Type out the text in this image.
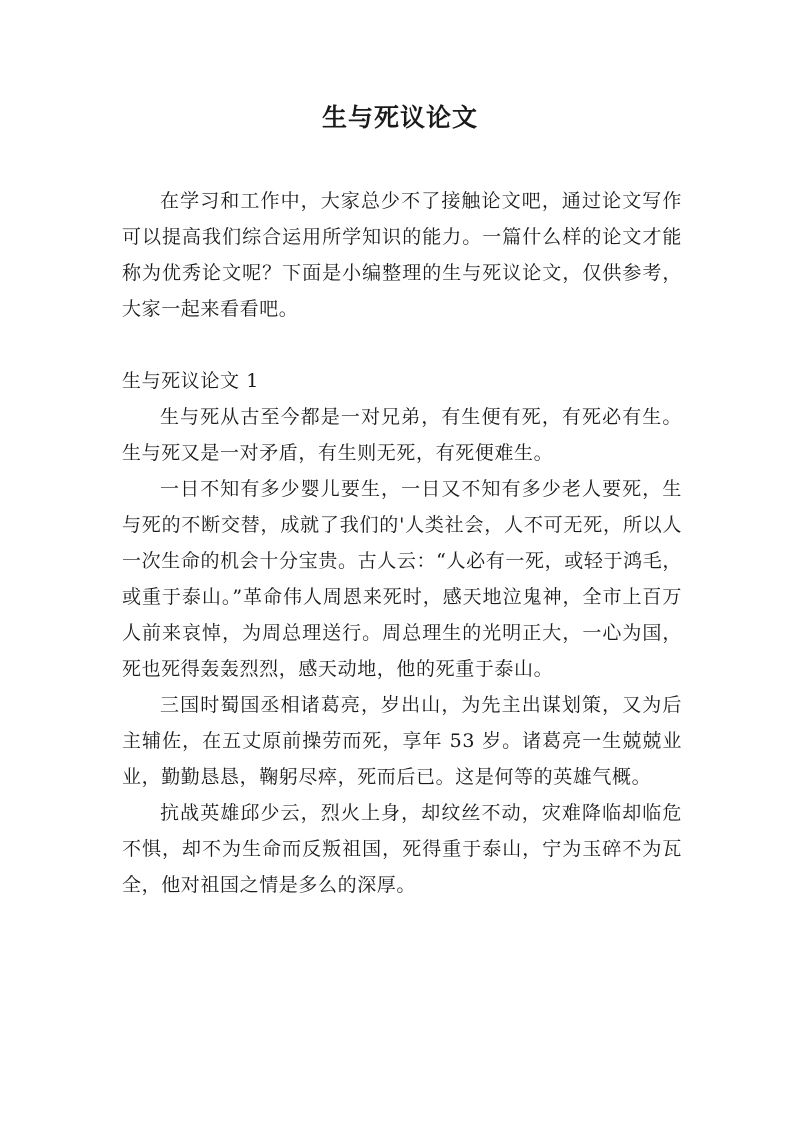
生与死议论文

在学习和工作中，大家总少不了接触论文吧，通过论文写作可以提高我们综合运用所学知识的能力。一篇什么样的论文才能称为优秀论文呢？下面是小编整理的生与死议论文，仅供参考，大家一起来看看吧。

生与死议论文 1

生与死从古至今都是一对兄弟，有生便有死，有死必有生。生与死又是一对矛盾，有生则无死，有死便难生。

一日不知有多少婴儿要生，一日又不知有多少老人要死，生与死的不断交替，成就了我们的'人类社会，人不可无死，所以人一次生命的机会十分宝贵。古人云：“人必有一死，或轻于鸿毛，或重于泰山。”革命伟人周恩来死时，感天地泣鬼神，全市上百万人前来哀悼，为周总理送行。周总理生的光明正大，一心为国，死也死得轰轰烈烈，感天动地，他的死重于泰山。

三国时蜀国丞相诸葛亮，岁出山，为先主出谋划策，又为后主辅佐，在五丈原前操劳而死，享年 53 岁。诸葛亮一生兢兢业业，勤勤恳恳，鞠躬尽瘁，死而后已。这是何等的英雄气概。

抗战英雄邱少云，烈火上身，却纹丝不动，灾难降临却临危不惧，却不为生命而反叛祖国，死得重于泰山，宁为玉碎不为瓦全，他对祖国之情是多么的深厚。
